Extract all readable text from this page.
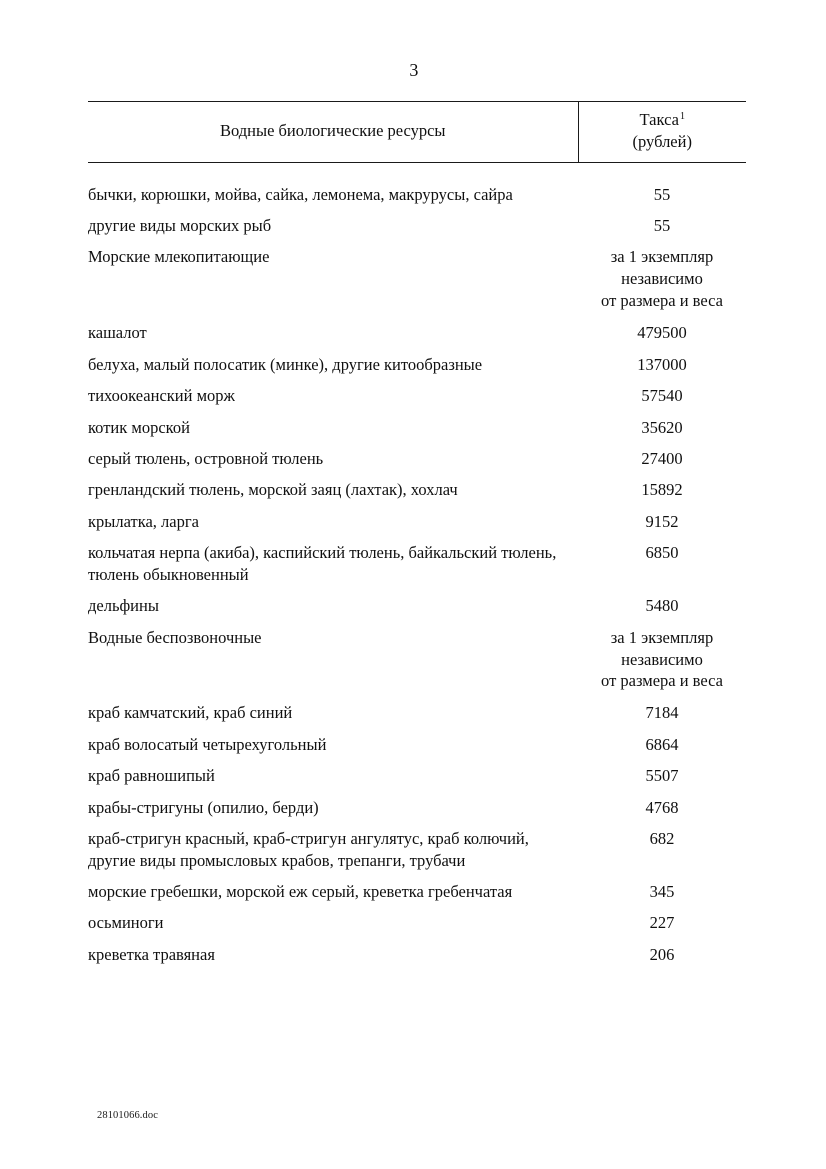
3
Водные биологические ресурсы	Такса$^1$
(рублей)

бычки, корюшки, мойва, сайка, лемонема, макрурусы, сайра	55
другие виды морских рыб	55
Морские млекопитающие	за 1 экземпляр
независимо
от размера и веса

кашалот	479500
белуха, малый полосатик (минке), другие китообразные	137000
тихоокеанский морж	57540
котик морской	35620
серый тюлень, островной тюлень	27400
гренландский тюлень, морской заяц (лахтак), хохлач	15892
крылатка, ларга	9152
кольчатая нерпа (акиба), каспийский тюлень, байкальский тюлень, тюлень обыкновенный	6850
дельфины	5480
Водные беспозвоночные	за 1 экземпляр
независимо
от размера и веса

краб камчатский, краб синий	7184
краб волосатый четырехугольный	6864
краб равношипый	5507
крабы-стригуны (опилио, берди)	4768
краб-стригун красный, краб-стригун ангулятус, краб колючий, другие виды промысловых крабов, трепанги, трубачи	682
морские гребешки, морской еж серый, креветка гребенчатая	345
осьминоги	227
креветка травяная	206
28101066.doc
